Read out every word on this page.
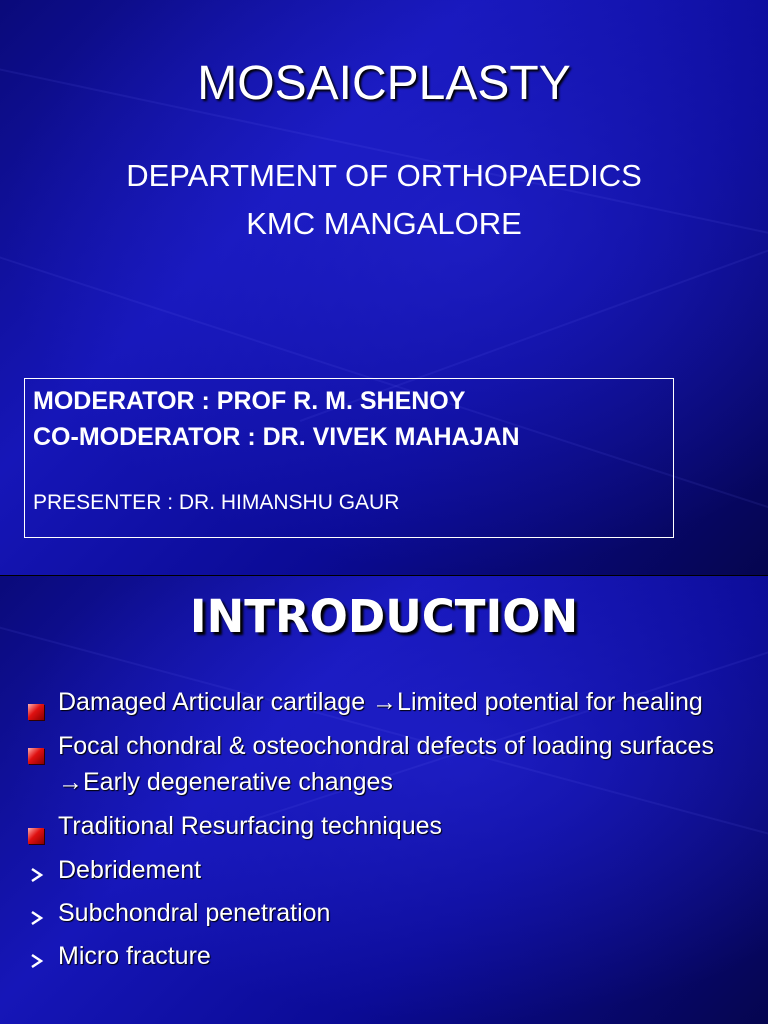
MOSAICPLASTY

DEPARTMENT OF ORTHOPAEDICS

KMC MANGALORE

MODERATOR : PROF R. M. SHENOY
CO-MODERATOR : DR. VIVEK MAHAJAN
PRESENTER : DR. HIMANSHU GAUR
INTRODUCTION
Damaged Articular cartilage →Limited potential for healing
Focal chondral & osteochondral defects of loading surfaces →Early degenerative changes
Traditional Resurfacing techniques
Debridement
Subchondral penetration
Micro fracture
